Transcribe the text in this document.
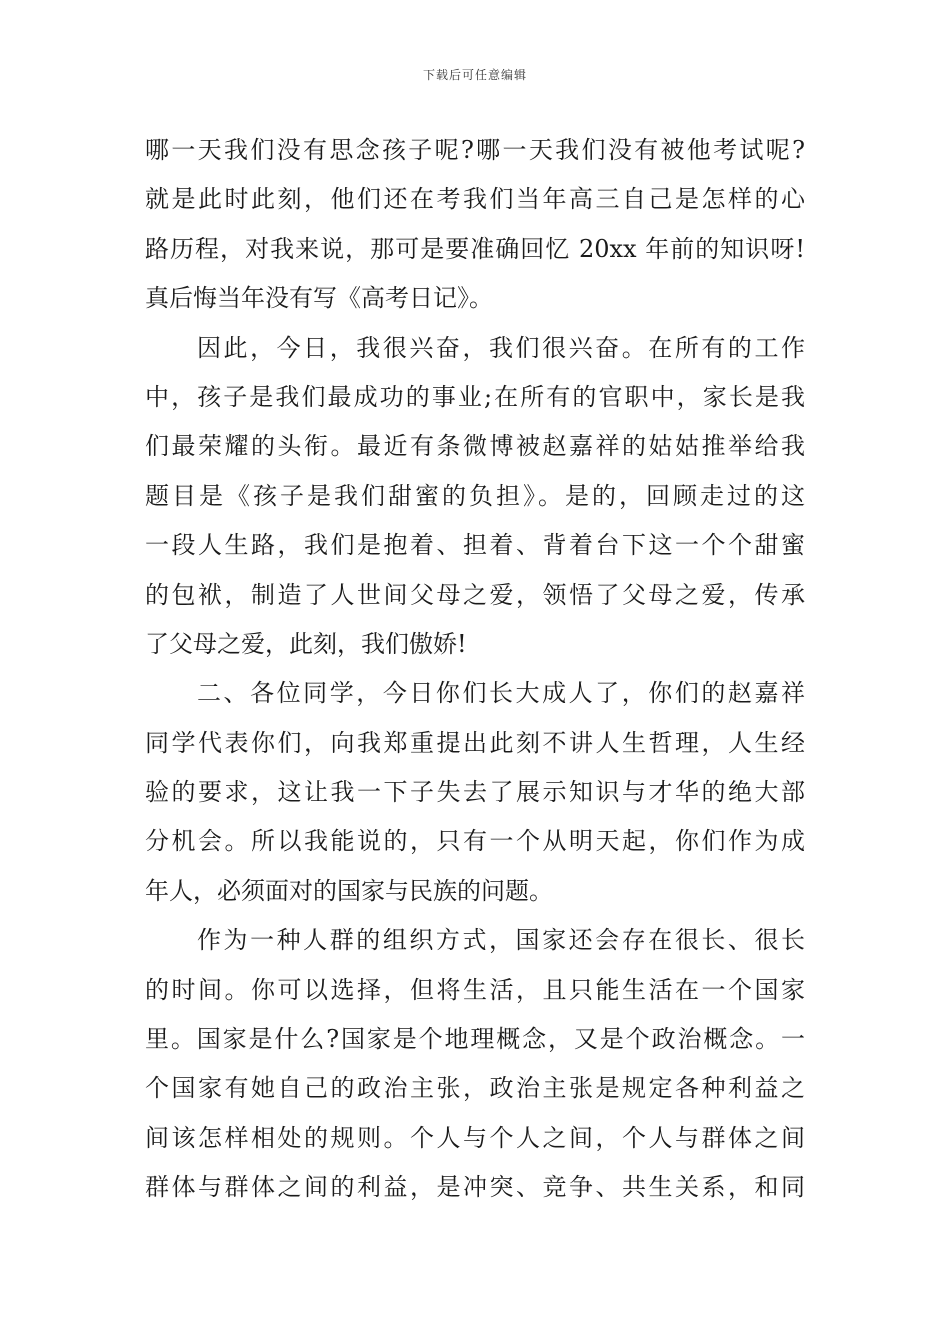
下载后可任意编辑
哪一天我们没有思念孩子呢?哪一天我们没有被他考试呢?
就是此时此刻，他们还在考我们当年高三自己是怎样的心
路历程，对我来说，那可是要准确回忆 20xx 年前的知识呀!
真后悔当年没有写《高考日记》。
因此，今日，我很兴奋，我们很兴奋。在所有的工作
中，孩子是我们最成功的事业;在所有的官职中，家长是我
们最荣耀的头衔。最近有条微博被赵嘉祥的姑姑推举给我
题目是《孩子是我们甜蜜的负担》。是的，回顾走过的这
一段人生路，我们是抱着、担着、背着台下这一个个甜蜜
的包袱，制造了人世间父母之爱，领悟了父母之爱，传承
了父母之爱，此刻，我们傲娇!
二、各位同学，今日你们长大成人了，你们的赵嘉祥
同学代表你们，向我郑重提出此刻不讲人生哲理，人生经
验的要求，这让我一下子失去了展示知识与才华的绝大部
分机会。所以我能说的，只有一个从明天起，你们作为成
年人，必须面对的国家与民族的问题。
作为一种人群的组织方式，国家还会存在很长、很长
的时间。你可以选择，但将生活，且只能生活在一个国家
里。国家是什么?国家是个地理概念，又是个政治概念。一
个国家有她自己的政治主张，政治主张是规定各种利益之
间该怎样相处的规则。个人与个人之间，个人与群体之间
群体与群体之间的利益，是冲突、竞争、共生关系，和同
